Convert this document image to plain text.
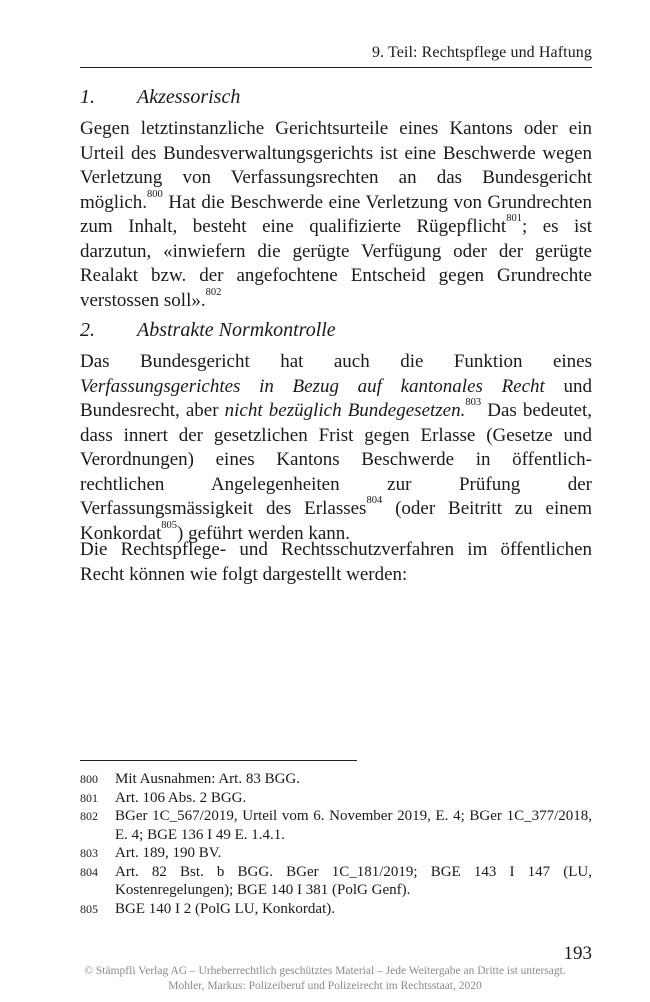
9. Teil: Rechtspflege und Haftung
1. Akzessorisch

Gegen letztinstanzliche Gerichtsurteile eines Kantons oder ein Urteil des Bundesverwaltungsgerichts ist eine Beschwerde wegen Verletzung von Verfassungsrechten an das Bundesgericht möglich.$^{800}$ Hat die Beschwerde eine Verletzung von Grundrechten zum Inhalt, besteht eine qualifizierte Rügepflicht$^{801}$; es ist darzutun, «inwiefern die gerügte Verfügung oder der gerügte Realakt bzw. der angefochtene Entscheid gegen Grundrechte verstossen soll».$^{802}$

2. Abstrakte Normkontrolle

Das Bundesgericht hat auch die Funktion eines Verfassungsgerichtes in Bezug auf kantonales Recht und Bundesrecht, aber nicht bezüglich Bundegesetzen.$^{803}$ Das bedeutet, dass innert der gesetzlichen Frist gegen Erlasse (Gesetze und Verordnungen) eines Kantons Beschwerde in öffentlich- rechtlichen Angelegenheiten zur Prüfung der Verfassungsmässigkeit des Erlasses$^{804}$ (oder Beitritt zu einem Konkordat$^{805}$) geführt werden kann.

Die Rechtspflege- und Rechtsschutzverfahren im öffentlichen Recht können wie folgt dargestellt werden:

800	Mit Ausnahmen: Art. 83 BGG.
801	Art. 106 Abs. 2 BGG.
802	BGer 1C_567/2019, Urteil vom 6. November 2019, E. 4; BGer 1C_377/2018, E. 4; BGE 136 I 49 E. 1.4.1.
803	Art. 189, 190 BV.
804	Art. 82 Bst. b BGG. BGer 1C_181/2019; BGE 143 I 147 (LU, Kostenregelungen); BGE 140 I 381 (PolG Genf).
805	BGE 140 I 2 (PolG LU, Konkordat).
193
© Stämpfli Verlag AG – Urheberrechtlich geschütztes Material – Jede Weitergabe an Dritte ist untersagt.
Mohler, Markus: Polizeiberuf und Polizeirecht im Rechtsstaat, 2020
